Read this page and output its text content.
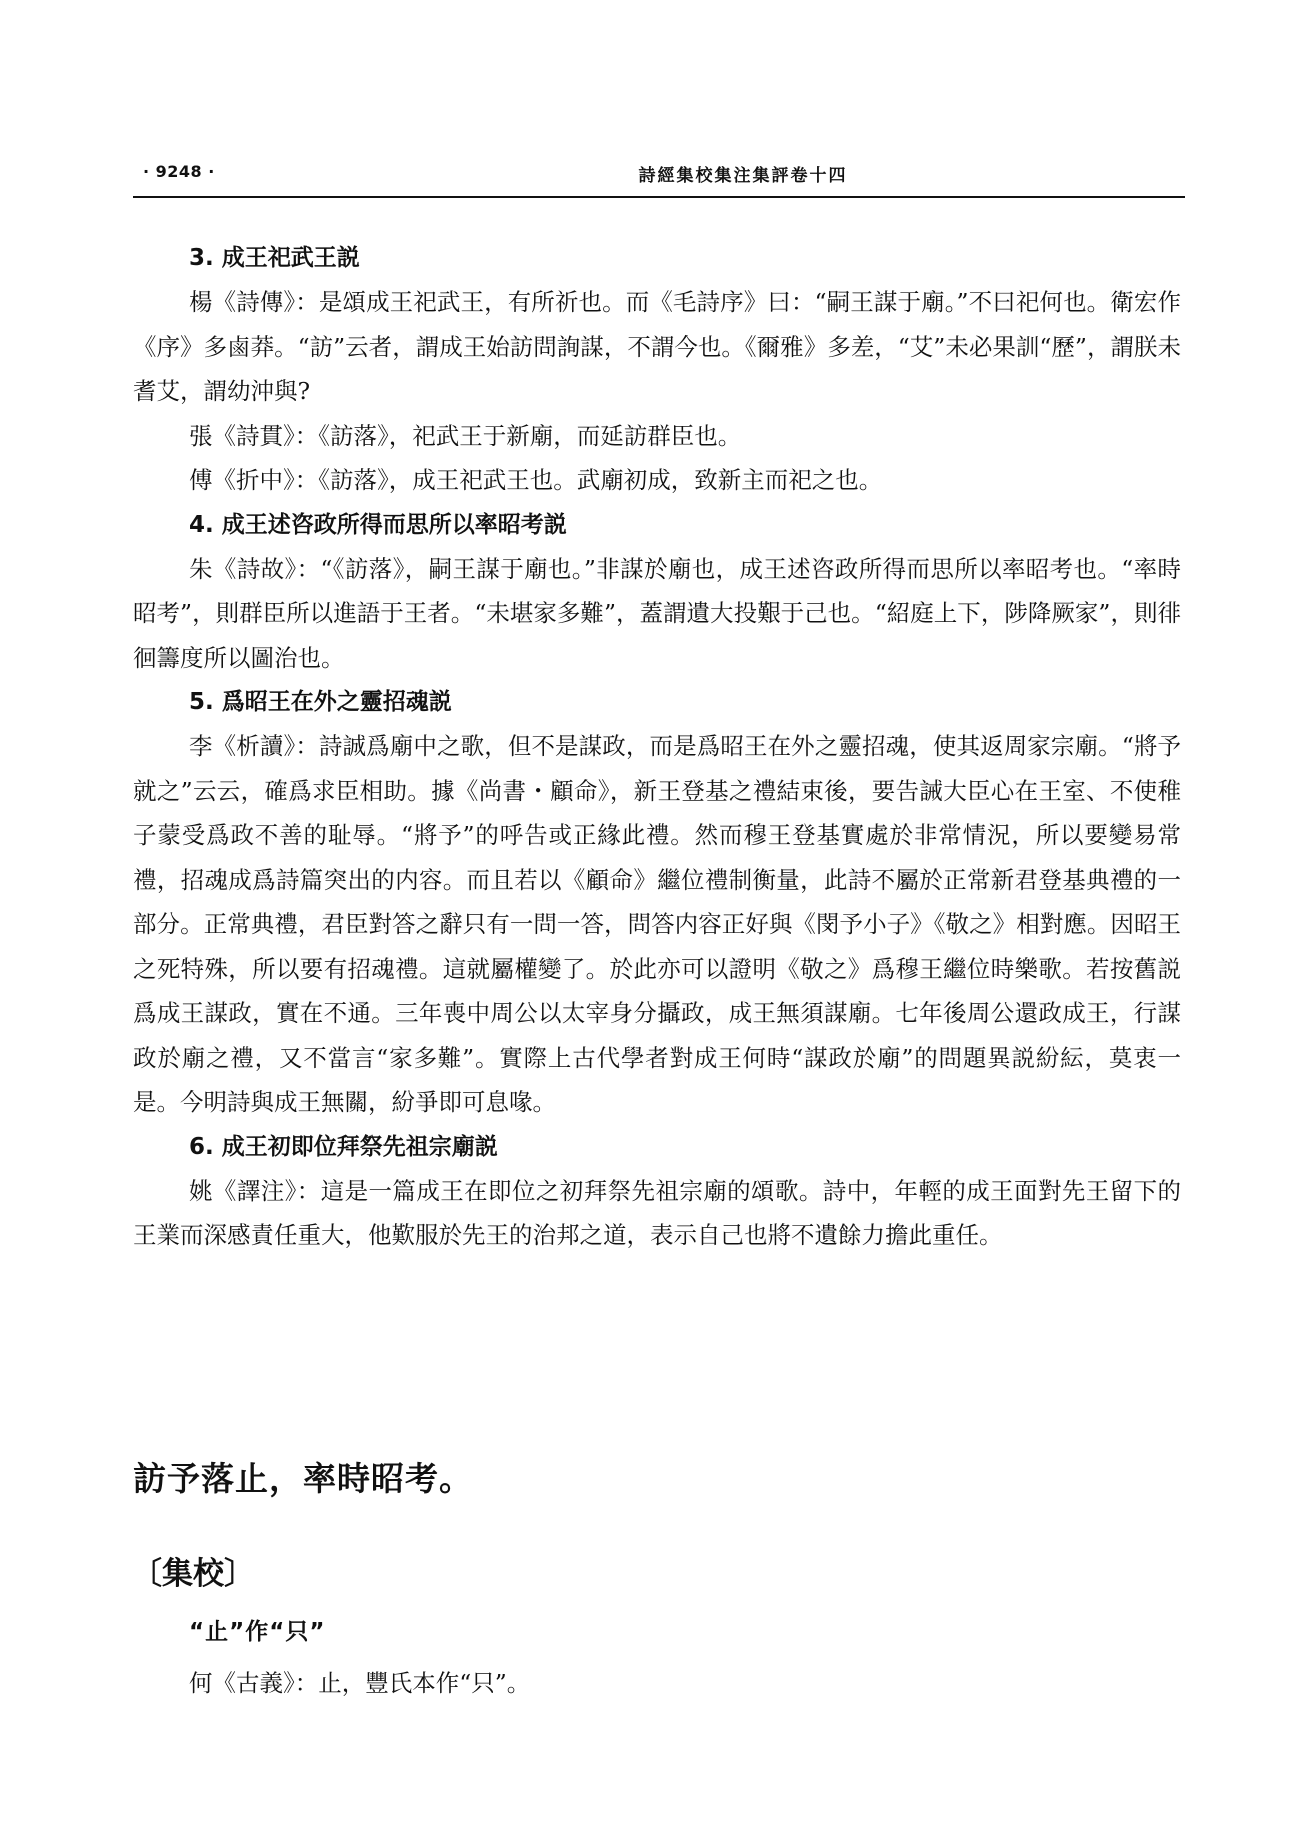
· 9248 ·	詩經集校集注集評卷十四
3. 成王祀武王説

楊《詩傳》：是頌成王祀武王，有所祈也。而《毛詩序》曰：“嗣王謀于廟。”不曰祀何也。衛宏作《序》多鹵莽。“訪”云者，謂成王始訪問詢謀，不謂今也。《爾雅》多差，“艾”未必果訓“歷”，謂朕未耆艾，謂幼沖與?

張《詩貫》：《訪落》，祀武王于新廟，而延訪群臣也。

傅《折中》：《訪落》，成王祀武王也。武廟初成，致新主而祀之也。

4. 成王述咨政所得而思所以率昭考説

朱《詩故》：“《訪落》，嗣王謀于廟也。”非謀於廟也，成王述咨政所得而思所以率昭考也。“率時昭考”，則群臣所以進語于王者。“未堪家多難”，蓋謂遺大投艱于己也。“紹庭上下，陟降厥家”，則徘徊籌度所以圖治也。

5. 爲昭王在外之靈招魂説

李《析讀》：詩誠爲廟中之歌，但不是謀政，而是爲昭王在外之靈招魂，使其返周家宗廟。“將予就之”云云，確爲求臣相助。據《尚書・顧命》，新王登基之禮結束後，要告誡大臣心在王室、不使稚子蒙受爲政不善的耻辱。“將予”的呼告或正緣此禮。然而穆王登基實處於非常情況，所以要變易常禮，招魂成爲詩篇突出的内容。而且若以《顧命》繼位禮制衡量，此詩不屬於正常新君登基典禮的一部分。正常典禮，君臣對答之辭只有一問一答，問答内容正好與《閔予小子》《敬之》相對應。因昭王之死特殊，所以要有招魂禮。這就屬權變了。於此亦可以證明《敬之》爲穆王繼位時樂歌。若按舊説爲成王謀政，實在不通。三年喪中周公以太宰身分攝政，成王無須謀廟。七年後周公還政成王，行謀政於廟之禮，又不當言“家多難”。實際上古代學者對成王何時“謀政於廟”的問題異説紛紜，莫衷一是。今明詩與成王無關，紛爭即可息喙。

6. 成王初即位拜祭先祖宗廟説

姚《譯注》：這是一篇成王在即位之初拜祭先祖宗廟的頌歌。詩中，年輕的成王面對先王留下的王業而深感責任重大，他歎服於先王的治邦之道，表示自己也將不遺餘力擔此重任。

訪予落止，率時昭考。
〔集校〕
“止”作“只”

何《古義》：止，豐氏本作“只”。
